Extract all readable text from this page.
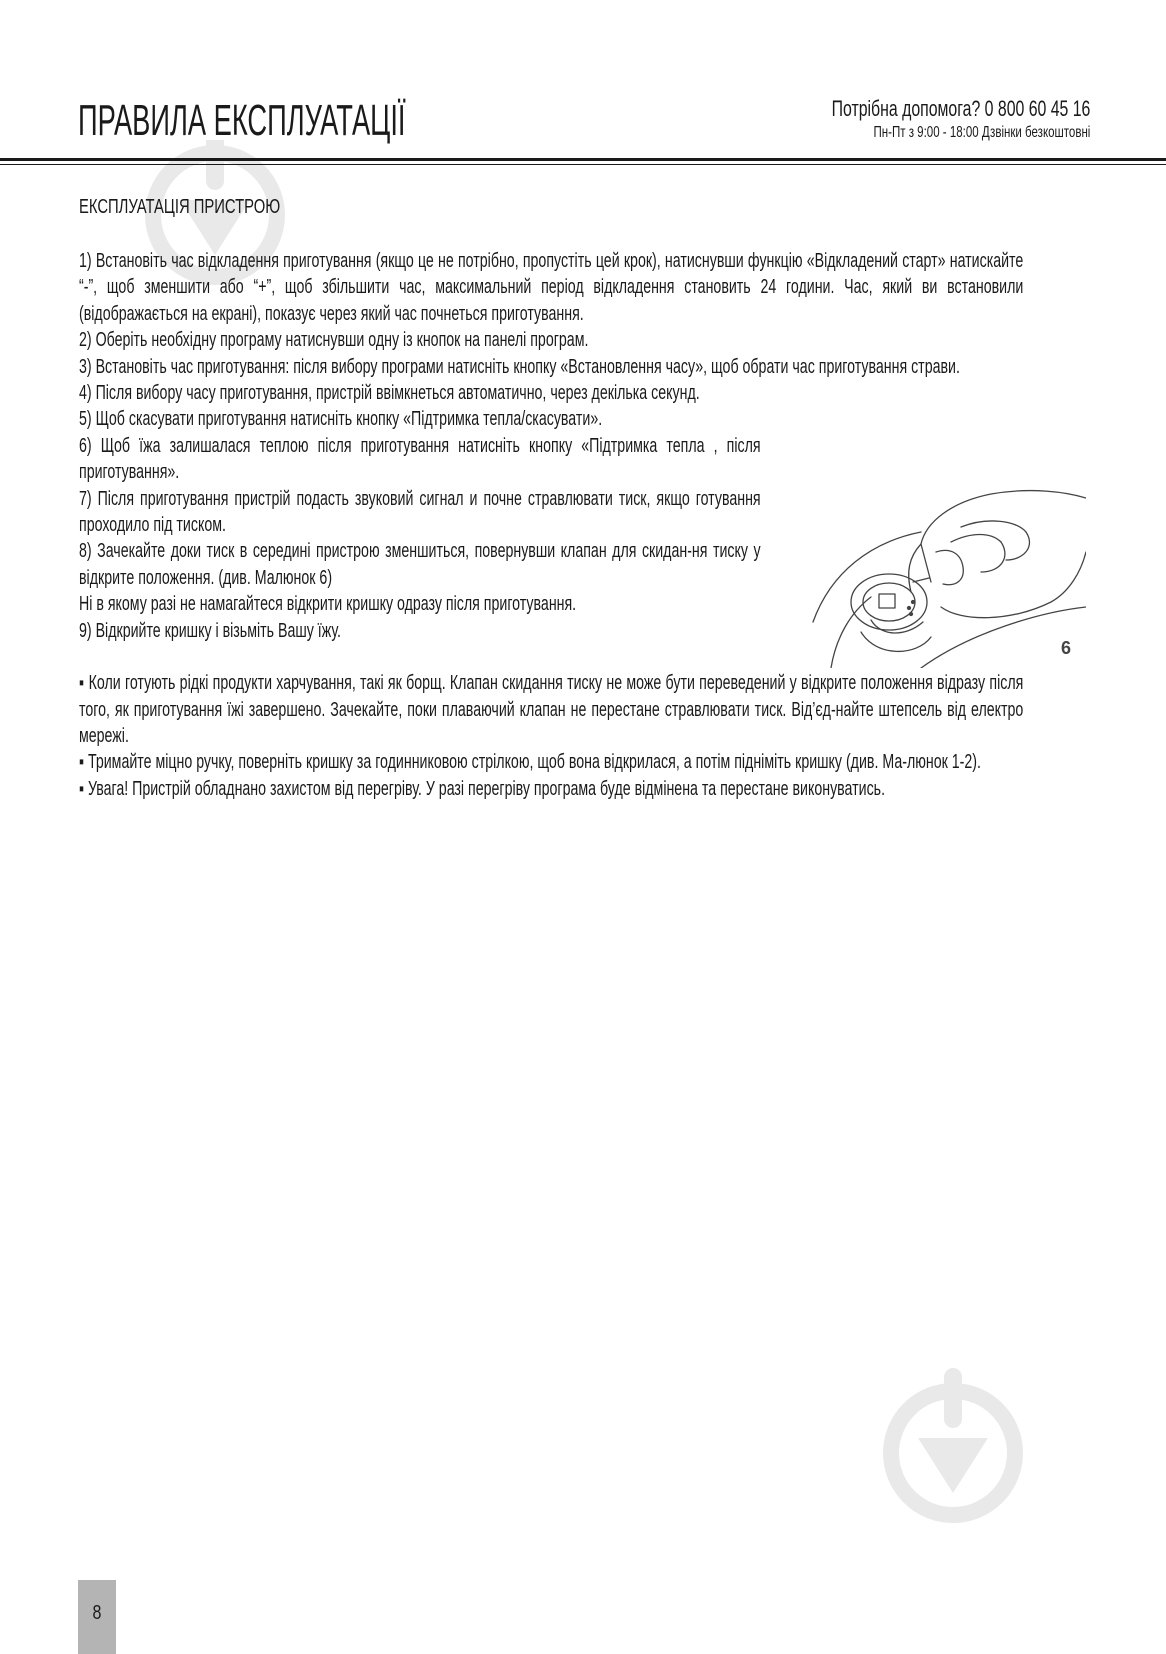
ПРАВИЛА ЕКСПЛУАТАЦІЇ	Потрібна допомога? 0 800 60 45 16
Пн-Пт з 9:00 - 18:00 Дзвінки безкоштовні
ЕКСПЛУАТАЦІЯ ПРИСТРОЮ

1) Встановіть час відкладення приготування (якщо це не потрібно, пропустіть цей крок), натиснувши функцію «Відкладений старт» натискайте “-”, щоб зменшити або “+”, щоб збільшити час, максимальний період відкладення становить 24 години. Час, який ви встановили (відображається на екрані), показує через який час почнеться приготування.

2) Оберіть необхідну програму натиснувши одну із кнопок на панелі програм.

3) Встановіть час приготування: після вибору програми натисніть кнопку «Встановлення часу», щоб обрати час приготування страви.

4) Після вибору часу приготування, пристрій ввімкнеться автоматично, через декілька секунд.

5) Щоб скасувати приготування натисніть кнопку «Підтримка тепла/скасувати».

6) Щоб їжа залишалася теплою після приготування натисніть кнопку «Підтримка тепла , після приготування».

7) Після приготування пристрій подасть звуковий сигнал и почне стравлювати тиск, якщо готування проходило під тиском.

8) Зачекайте доки тиск в середині пристрою зменшиться, повернувши клапан для скидан-ня тиску у відкрите положення. (див. Малюнок 6)

Ні в якому разі не намагайтеся відкрити кришку одразу після приготування.

9) Відкрийте кришку і візьміть Вашу їжу.

▪ Коли готують рідкі продукти харчування, такі як борщ. Клапан скидання тиску не може бути переведений у відкрите положення відразу після того, як приготування їжі завершено. Зачекайте, поки плаваючий клапан не перестане стравлювати тиск. Від’єд-найте штепсель від електро мережі.

▪ Тримайте міцно ручку, поверніть кришку за годинниковою стрілкою, щоб вона відкрилася, а потім підніміть кришку (див. Ма-люнок 1-2).

▪ Увага! Пристрій обладнано захистом від перегріву. У разі перегріву програма буде відмінена та перестане виконуватись.

6
8
